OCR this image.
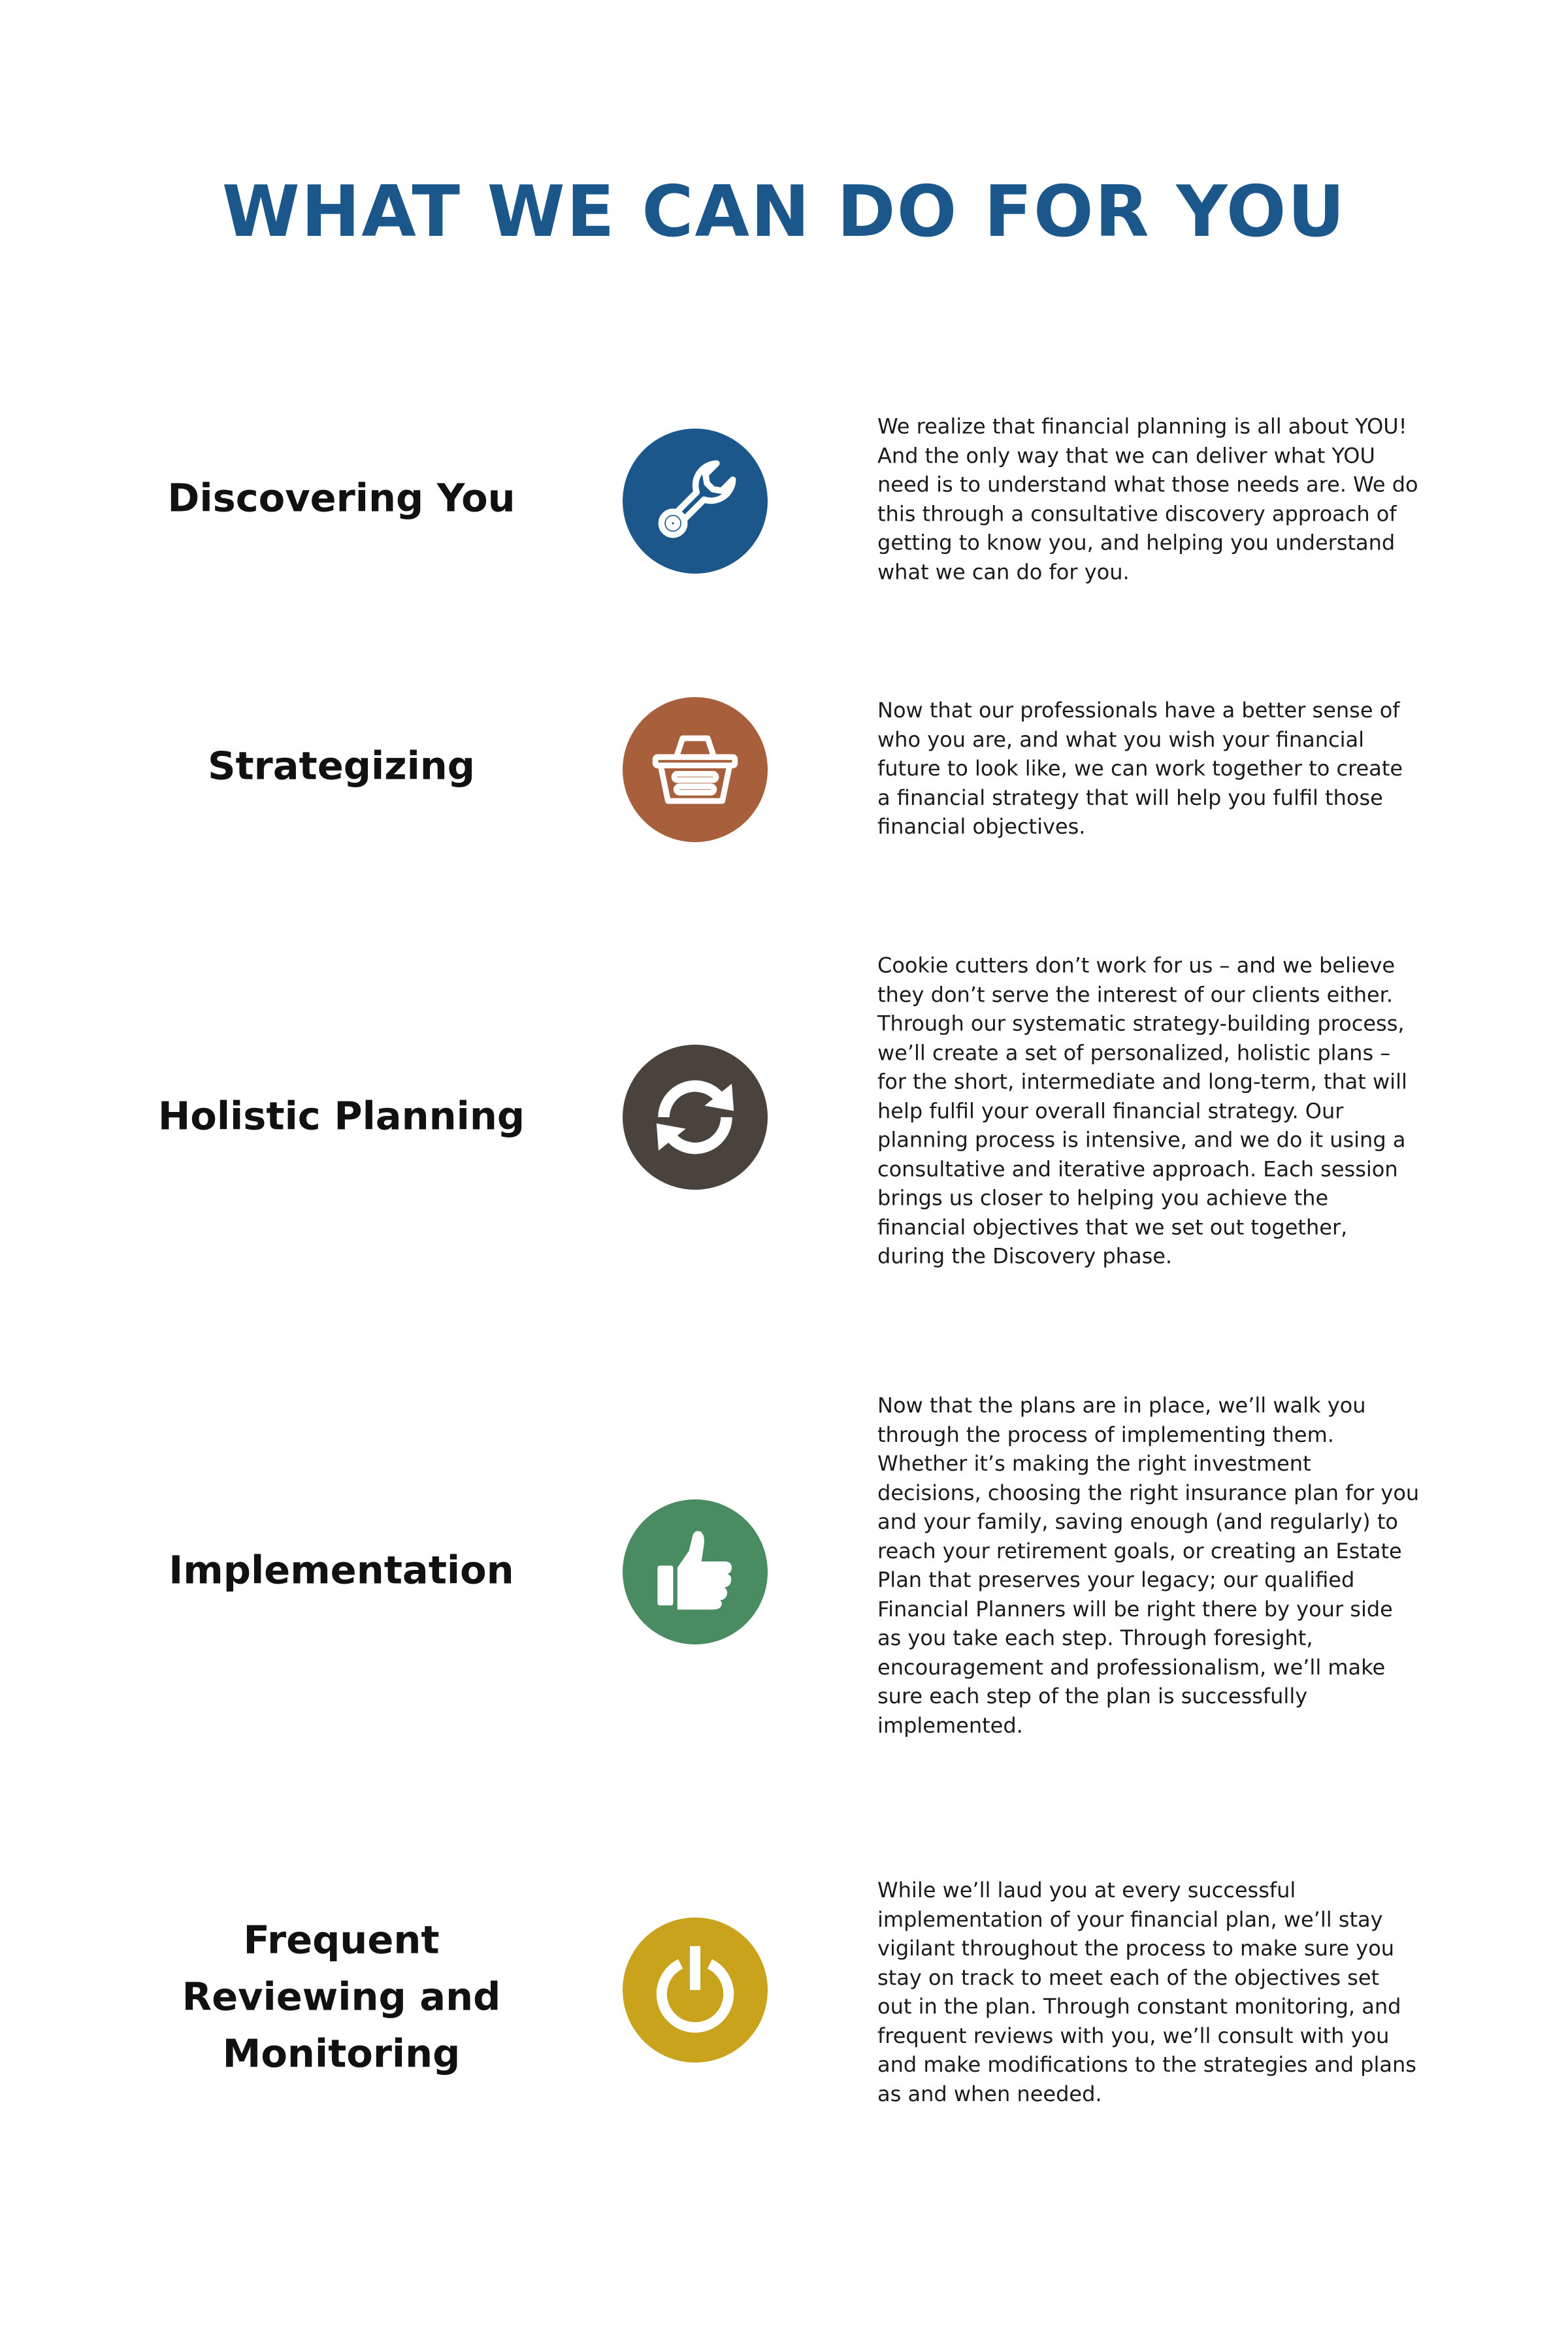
WHAT WE CAN DO FOR YOU
Discovering You

We realize that financial planning is all about YOU! And the only way that we can deliver what YOU need is to understand what those needs are. We do this through a consultative discovery approach of getting to know you, and helping you understand what we can do for you.

Strategizing

Now that our professionals have a better sense of who you are, and what you wish your financial future to look like, we can work together to create a financial strategy that will help you fulfil those financial objectives.

Holistic Planning

Cookie cutters don’t work for us – and we believe they don’t serve the interest of our clients either. Through our systematic strategy-building process, we’ll create a set of personalized, holistic plans – for the short, intermediate and long-term, that will help fulfil your overall financial strategy. Our planning process is intensive, and we do it using a consultative and iterative approach. Each session brings us closer to helping you achieve the financial objectives that we set out together, during the Discovery phase.

Implementation

Now that the plans are in place, we’ll walk you through the process of implementing them. Whether it’s making the right investment decisions, choosing the right insurance plan for you and your family, saving enough (and regularly) to reach your retirement goals, or creating an Estate Plan that preserves your legacy; our qualified Financial Planners will be right there by your side as you take each step. Through foresight, encouragement and professionalism, we’ll make sure each step of the plan is successfully implemented.

Frequent Reviewing and Monitoring

While we’ll laud you at every successful implementation of your financial plan, we’ll stay vigilant throughout the process to make sure you stay on track to meet each of the objectives set out in the plan. Through constant monitoring, and frequent reviews with you, we’ll consult with you and make modifications to the strategies and plans as and when needed.
